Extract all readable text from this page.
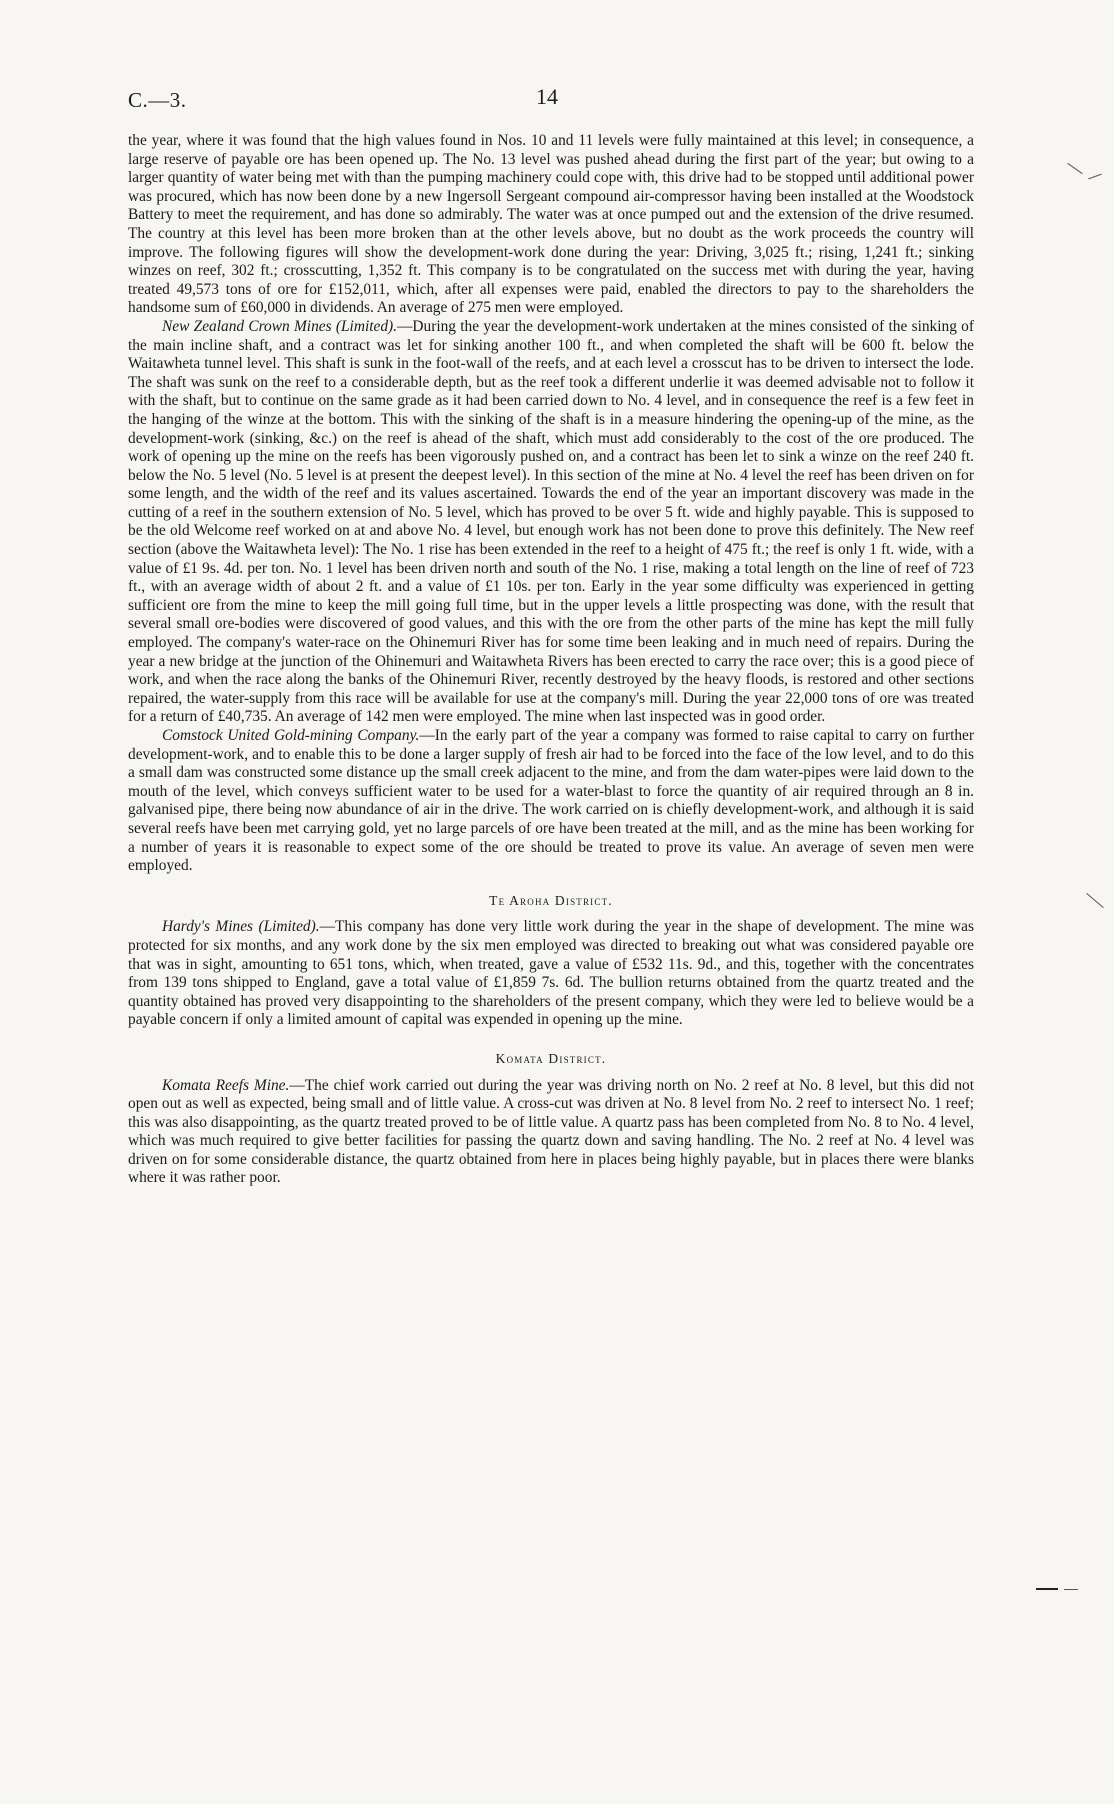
C.—3.	14

the year, where it was found that the high values found in Nos. 10 and 11 levels were fully maintained at this level; in consequence, a large reserve of payable ore has been opened up. The No. 13 level was pushed ahead during the first part of the year; but owing to a larger quantity of water being met with than the pumping machinery could cope with, this drive had to be stopped until additional power was procured, which has now been done by a new Ingersoll Sergeant compound air-compressor having been installed at the Woodstock Battery to meet the requirement, and has done so admirably. The water was at once pumped out and the extension of the drive resumed. The country at this level has been more broken than at the other levels above, but no doubt as the work proceeds the country will improve. The following figures will show the development-work done during the year: Driving, 3,025 ft.; rising, 1,241 ft.; sinking winzes on reef, 302 ft.; crosscutting, 1,352 ft. This company is to be congratulated on the success met with during the year, having treated 49,573 tons of ore for £152,011, which, after all expenses were paid, enabled the directors to pay to the shareholders the handsome sum of £60,000 in dividends. An average of 275 men were employed.

New Zealand Crown Mines (Limited).—During the year the development-work undertaken at the mines consisted of the sinking of the main incline shaft, and a contract was let for sinking another 100 ft., and when completed the shaft will be 600 ft. below the Waitawheta tunnel level. This shaft is sunk in the foot-wall of the reefs, and at each level a crosscut has to be driven to intersect the lode. The shaft was sunk on the reef to a considerable depth, but as the reef took a different underlie it was deemed advisable not to follow it with the shaft, but to continue on the same grade as it had been carried down to No. 4 level, and in consequence the reef is a few feet in the hanging of the winze at the bottom. This with the sinking of the shaft is in a measure hindering the opening-up of the mine, as the development-work (sinking, &c.) on the reef is ahead of the shaft, which must add considerably to the cost of the ore produced. The work of opening up the mine on the reefs has been vigorously pushed on, and a contract has been let to sink a winze on the reef 240 ft. below the No. 5 level (No. 5 level is at present the deepest level). In this section of the mine at No. 4 level the reef has been driven on for some length, and the width of the reef and its values ascertained. Towards the end of the year an important discovery was made in the cutting of a reef in the southern extension of No. 5 level, which has proved to be over 5 ft. wide and highly payable. This is supposed to be the old Welcome reef worked on at and above No. 4 level, but enough work has not been done to prove this definitely. The New reef section (above the Waitawheta level): The No. 1 rise has been extended in the reef to a height of 475 ft.; the reef is only 1 ft. wide, with a value of £1 9s. 4d. per ton. No. 1 level has been driven north and south of the No. 1 rise, making a total length on the line of reef of 723 ft., with an average width of about 2 ft. and a value of £1 10s. per ton. Early in the year some difficulty was experienced in getting sufficient ore from the mine to keep the mill going full time, but in the upper levels a little prospecting was done, with the result that several small ore-bodies were discovered of good values, and this with the ore from the other parts of the mine has kept the mill fully employed. The company's water-race on the Ohinemuri River has for some time been leaking and in much need of repairs. During the year a new bridge at the junction of the Ohinemuri and Waitawheta Rivers has been erected to carry the race over; this is a good piece of work, and when the race along the banks of the Ohinemuri River, recently destroyed by the heavy floods, is restored and other sections repaired, the water-supply from this race will be available for use at the company's mill. During the year 22,000 tons of ore was treated for a return of £40,735. An average of 142 men were employed. The mine when last inspected was in good order.

Comstock United Gold-mining Company.—In the early part of the year a company was formed to raise capital to carry on further development-work, and to enable this to be done a larger supply of fresh air had to be forced into the face of the low level, and to do this a small dam was constructed some distance up the small creek adjacent to the mine, and from the dam water-pipes were laid down to the mouth of the level, which conveys sufficient water to be used for a water-blast to force the quantity of air required through an 8 in. galvanised pipe, there being now abundance of air in the drive. The work carried on is chiefly development-work, and although it is said several reefs have been met carrying gold, yet no large parcels of ore have been treated at the mill, and as the mine has been working for a number of years it is reasonable to expect some of the ore should be treated to prove its value. An average of seven men were employed.

Te Aroha District.

Hardy's Mines (Limited).—This company has done very little work during the year in the shape of development. The mine was protected for six months, and any work done by the six men employed was directed to breaking out what was considered payable ore that was in sight, amounting to 651 tons, which, when treated, gave a value of £532 11s. 9d., and this, together with the concentrates from 139 tons shipped to England, gave a total value of £1,859 7s. 6d. The bullion returns obtained from the quartz treated and the quantity obtained has proved very disappointing to the shareholders of the present company, which they were led to believe would be a payable concern if only a limited amount of capital was expended in opening up the mine.

Komata District.

Komata Reefs Mine.—The chief work carried out during the year was driving north on No. 2 reef at No. 8 level, but this did not open out as well as expected, being small and of little value. A cross-cut was driven at No. 8 level from No. 2 reef to intersect No. 1 reef; this was also disappointing, as the quartz treated proved to be of little value. A quartz pass has been completed from No. 8 to No. 4 level, which was much required to give better facilities for passing the quartz down and saving handling. The No. 2 reef at No. 4 level was driven on for some considerable distance, the quartz obtained from here in places being highly payable, but in places there were blanks where it was rather poor.
